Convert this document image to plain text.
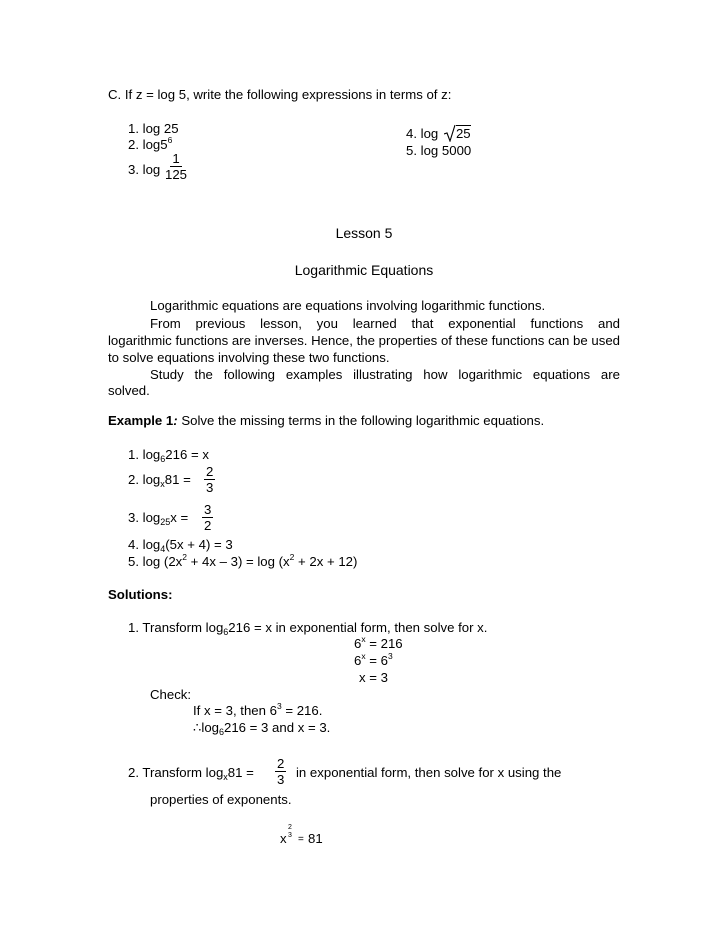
C. If z = log 5, write the following expressions in terms of z:
1. log 25
2. $\log 5^6$
3. $\log \frac{1}{125}$
4. log 25
5. log 5000
Lesson 5
Logarithmic Equations
Logarithmic equations are equations involving logarithmic functions.
From previous lesson, you learned that exponential functions and
logarithmic functions are inverses. Hence, the properties of these functions can be used to solve equations involving these two functions.
Study the following examples illustrating how logarithmic equations are
solved.
Example 1: Solve the missing terms in the following logarithmic equations.
1. $\log_6216 = x$
2. $\log_x81 = \frac{2}{3}$
3. $\log_{25}x = \frac{3}{2}$
4. $\log_4(5x + 4) = 3$
5. $\log (2x^2 + 4x - 3) = \log (x^2 + 2x + 12)$
Solutions:
1. Transform $\log_6216 = x$ in exponential form, then solve for x.
$6^x = 216$
$6^x = 6^3$
x = 3
Check:
If x = 3, then $6^3 = 216$.
$\therefore\log_6216 = 3$ and x = 3.
2. Transform $\log_x81 = \frac{2}{3}$ in exponential form, then solve for x using the
properties of exponents.
x
2
3 = 81
